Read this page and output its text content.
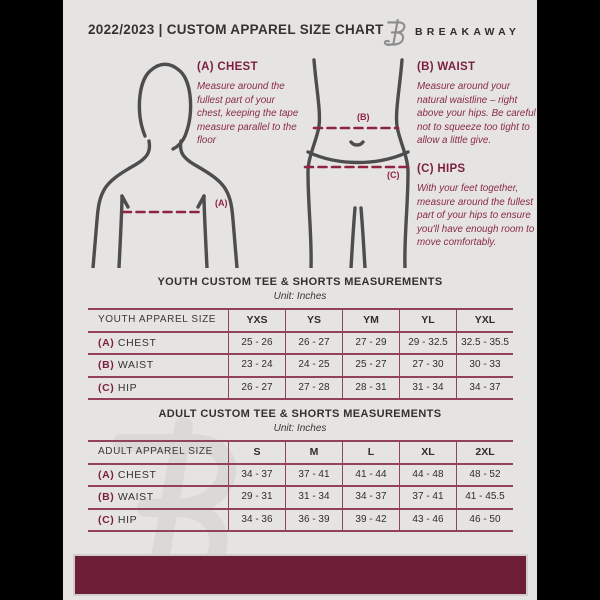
2022/2023 | CUSTOM APPAREL SIZE CHART	BREAKAWAY
(A)
(B)
(C)

(A) CHEST

Measure around the fullest part of your chest, keeping the tape measure parallel to the floor

(B) WAIST

Measure around your natural waistline – right above your hips. Be careful not to squeeze too tight to allow a little give.

(C) HIPS

With your feet together, measure around the fullest part of your hips to ensure you'll have enough room to move comfortably.

YOUTH CUSTOM TEE & SHORTS MEASUREMENTS
Unit: Inches
YOUTH APPAREL SIZE	YXS	YS	YM	YL	YXL
(A) CHEST	25 - 26	26 - 27	27 - 29	29 - 32.5	32.5 - 35.5
(B) WAIST	23 - 24	24 - 25	25 - 27	27 - 30	30 - 33
(C) HIP	26 - 27	27 - 28	28 - 31	31 - 34	34 - 37
ADULT CUSTOM TEE & SHORTS MEASUREMENTS
Unit: Inches
ADULT APPAREL SIZE	S	M	L	XL	2XL
(A) CHEST	34 - 37	37 - 41	41 - 44	44 - 48	48 - 52
(B) WAIST	29 - 31	31 - 34	34 - 37	37 - 41	41 - 45.5
(C) HIP	34 - 36	36 - 39	39 - 42	43 - 46	46 - 50
